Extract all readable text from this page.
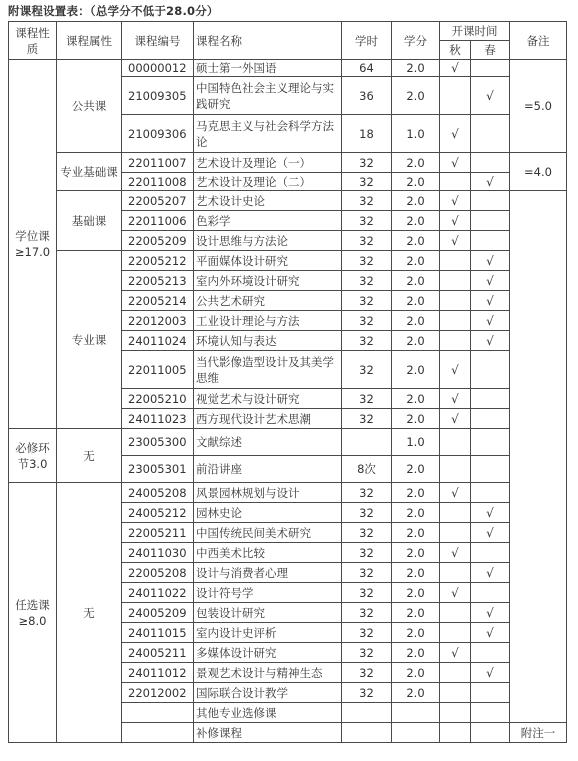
附课程设置表：（总学分不低于28.0分）
课程性质	课程属性	课程编号	课程名称	学时	学分	开课时间		备注
						秋	春	
学位课≥17.0	公共课	00000012	硕士第一外国语	64	2.0	√		=5.0
		21009305	中国特色社会主义理论与实践研究	36	2.0		√	
		21009306	马克思主义与社会科学方法论	18	1.0	√		
	专业基础课	22011007	艺术设计及理论（一）	32	2.0	√		=4.0
		22011008	艺术设计及理论（二）	32	2.0		√	
	基础课	22005207	艺术设计史论	32	2.0	√		
		22011006	色彩学	32	2.0	√		
		22005209	设计思维与方法论	32	2.0	√		
	专业课	22005212	平面媒体设计研究	32	2.0		√	
		22005213	室内外环境设计研究	32	2.0		√	
		22005214	公共艺术研究	32	2.0		√	
		22012003	工业设计理论与方法	32	2.0		√	
		24011024	环境认知与表达	32	2.0		√	
		22011005	当代影像造型设计及其美学思维	32	2.0	√		
		22005210	视觉艺术与设计研究	32	2.0	√		
		24011023	西方现代设计艺术思潮	32	2.0	√		
必修环节3.0	无	23005300	文献综述		1.0			
		23005301	前沿讲座	8次	2.0			
任选课≥8.0	无	24005208	风景园林规划与设计	32	2.0	√		
		24005212	园林史论	32	2.0		√	
		22005211	中国传统民间美术研究	32	2.0		√	
		24011030	中西美术比较	32	2.0	√		
		22005208	设计与消费者心理	32	2.0		√	
		24011022	设计符号学	32	2.0	√		
		24005209	包装设计研究	32	2.0		√	
		24011015	室内设计史评析	32	2.0		√	
		24005211	多媒体设计研究	32	2.0	√		
		24011012	景观艺术设计与精神生态	32	2.0		√	
		22012002	国际联合设计教学	32	2.0			
			其他专业选修课					
			补修课程					附注一
